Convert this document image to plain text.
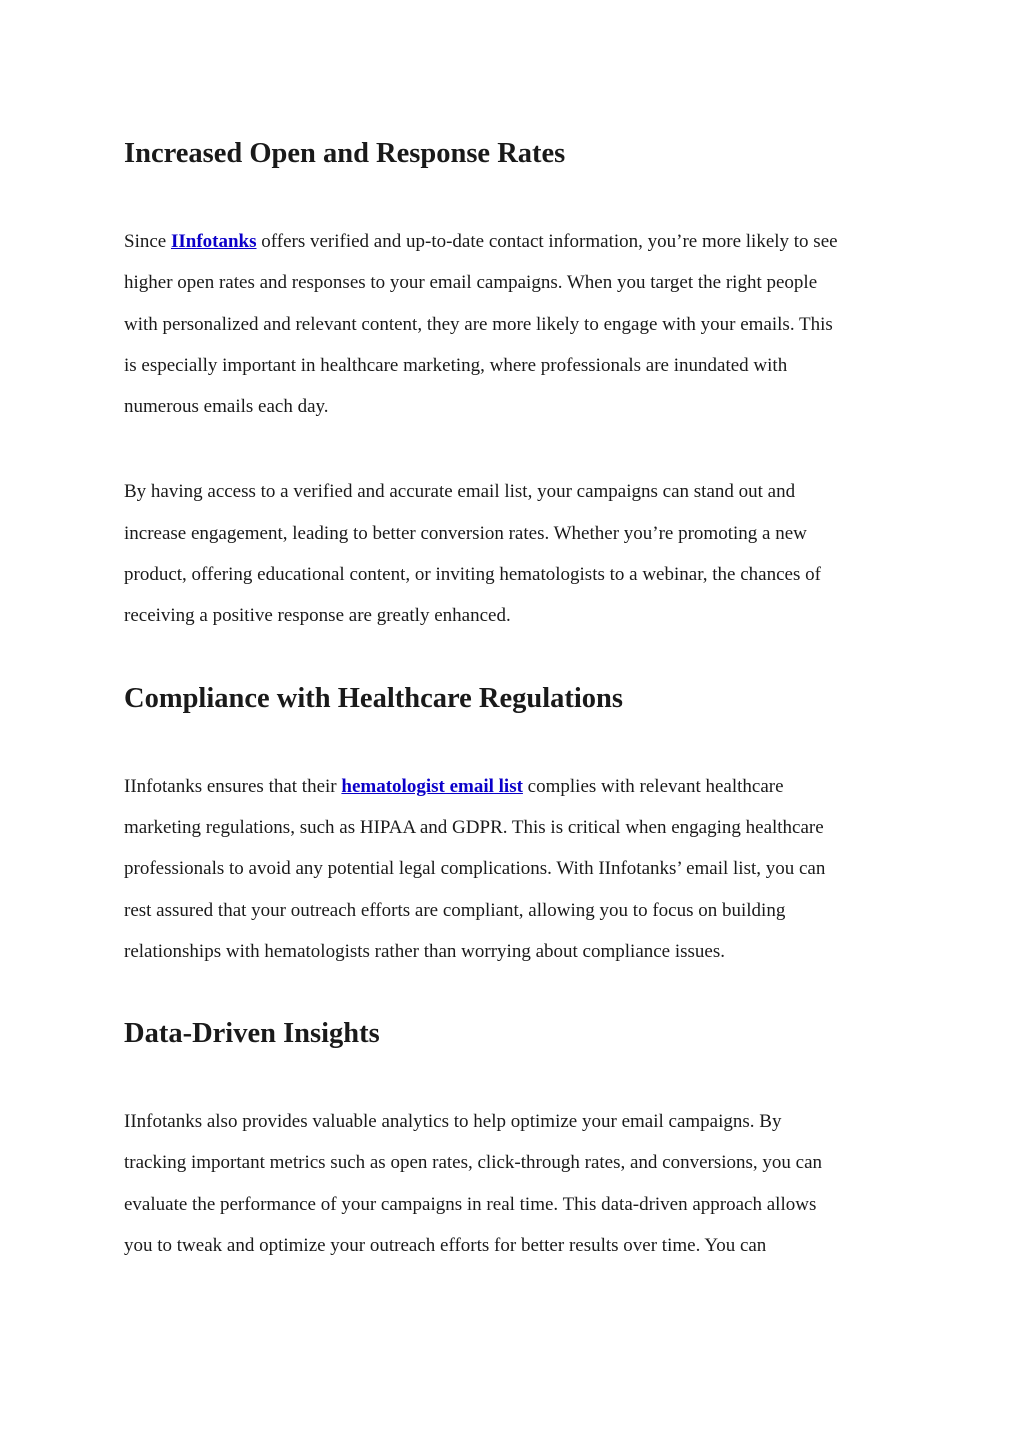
Increased Open and Response Rates

Since IInfotanks offers verified and up-to-date contact information, you’re more likely to see
higher open rates and responses to your email campaigns. When you target the right people
with personalized and relevant content, they are more likely to engage with your emails. This
is especially important in healthcare marketing, where professionals are inundated with
numerous emails each day.

By having access to a verified and accurate email list, your campaigns can stand out and
increase engagement, leading to better conversion rates. Whether you’re promoting a new
product, offering educational content, or inviting hematologists to a webinar, the chances of
receiving a positive response are greatly enhanced.

Compliance with Healthcare Regulations

IInfotanks ensures that their hematologist email list complies with relevant healthcare
marketing regulations, such as HIPAA and GDPR. This is critical when engaging healthcare
professionals to avoid any potential legal complications. With IInfotanks’ email list, you can
rest assured that your outreach efforts are compliant, allowing you to focus on building
relationships with hematologists rather than worrying about compliance issues.

Data-Driven Insights

IInfotanks also provides valuable analytics to help optimize your email campaigns. By
tracking important metrics such as open rates, click-through rates, and conversions, you can
evaluate the performance of your campaigns in real time. This data-driven approach allows
you to tweak and optimize your outreach efforts for better results over time. You can
